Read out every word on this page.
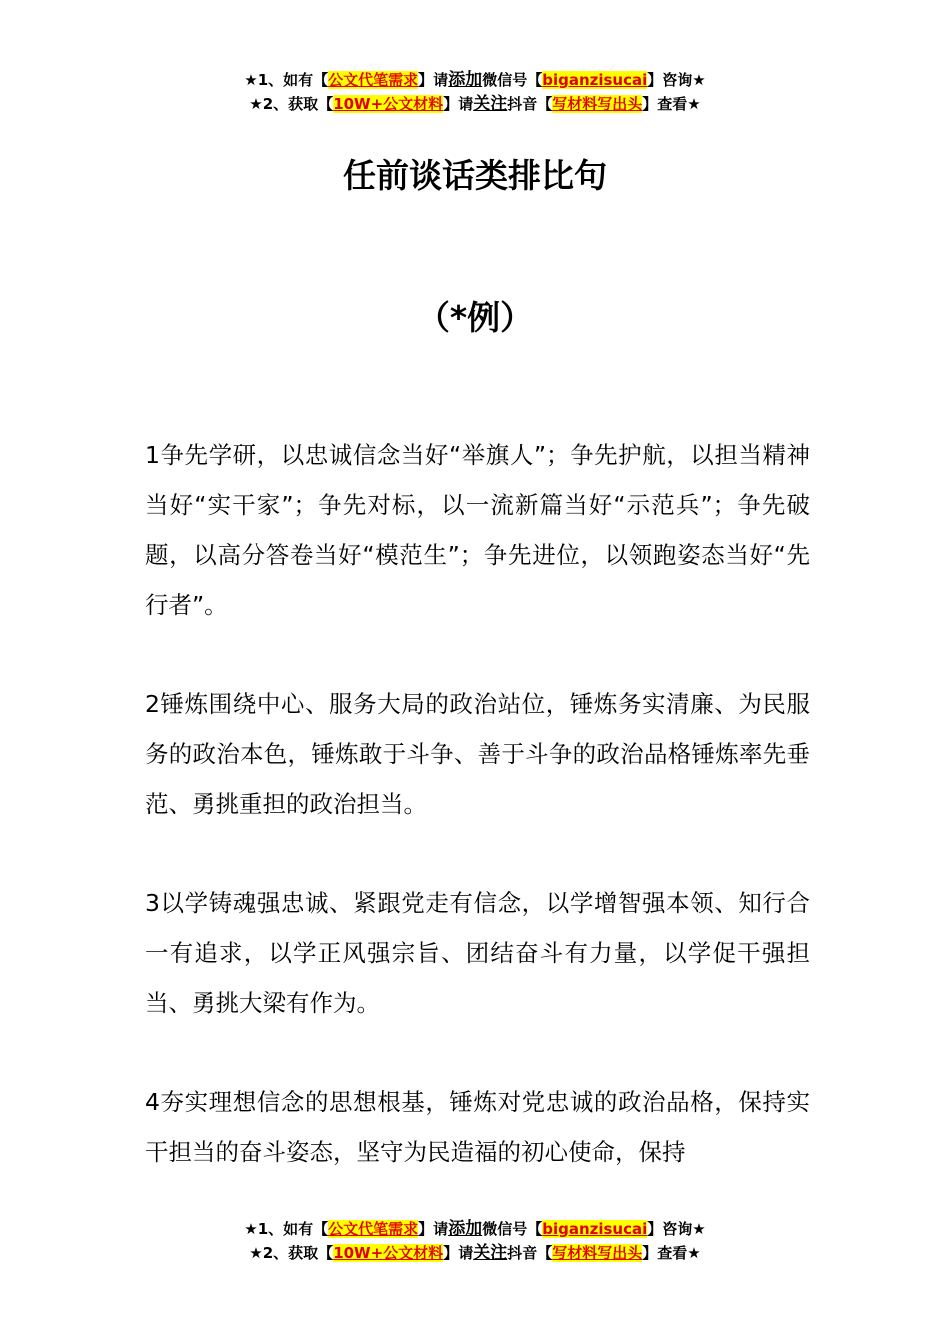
★1、如有【公文代笔需求】请添加微信号【biganzisucai】咨询★
★2、获取【10W+公文材料】请关注抖音【写材料写出头】查看★
任前谈话类排比句
（*例）
1争先学研，以忠诚信念当好“举旗人”；争先护航，以担当精神当好“实干家”；争先对标，以一流新篇当好“示范兵”；争先破题，以高分答卷当好“模范生”；争先进位，以领跑姿态当好“先行者”。
2锤炼围绕中心、服务大局的政治站位，锤炼务实清廉、为民服务的政治本色，锤炼敢于斗争、善于斗争的政治品格锤炼率先垂范、勇挑重担的政治担当。
3以学铸魂强忠诚、紧跟党走有信念，以学增智强本领、知行合一有追求，以学正风强宗旨、团结奋斗有力量，以学促干强担当、勇挑大梁有作为。
4夯实理想信念的思想根基，锤炼对党忠诚的政治品格，保持实干担当的奋斗姿态，坚守为民造福的初心使命，保持
★1、如有【公文代笔需求】请添加微信号【biganzisucai】咨询★
★2、获取【10W+公文材料】请关注抖音【写材料写出头】查看★
